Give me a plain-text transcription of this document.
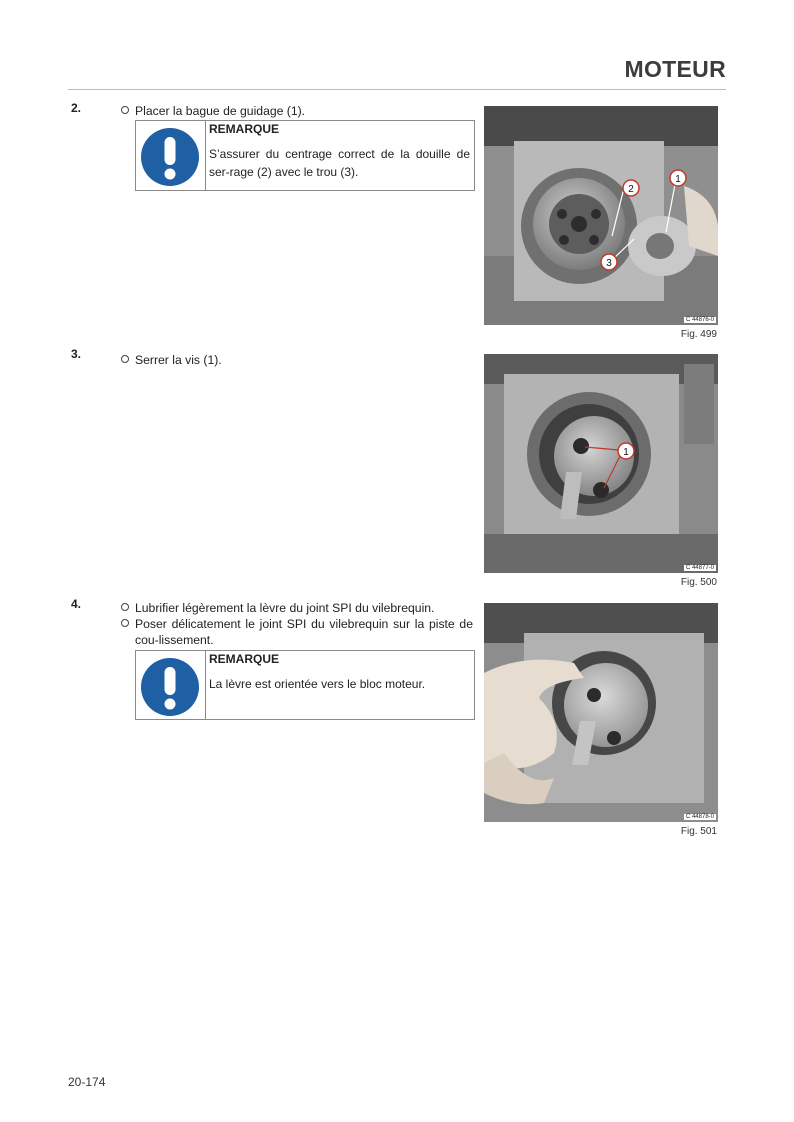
MOTEUR
2.	Placer la bague de guidage (1).
REMARQUE
S’assurer du centrage correct de la douille de ser-rage (2) avec le trou (3).
1
2
3
C 44876-0
Fig. 499
3.	Serrer la vis (1).
1
C 44877-0
Fig. 500
4.	Lubrifier légèrement la lèvre du joint SPI du vilebrequin.
Poser délicatement le joint SPI du vilebrequin sur la piste de cou-lissement.
REMARQUE
La lèvre est orientée vers le bloc moteur.
C 44878-0
Fig. 501
20-174
